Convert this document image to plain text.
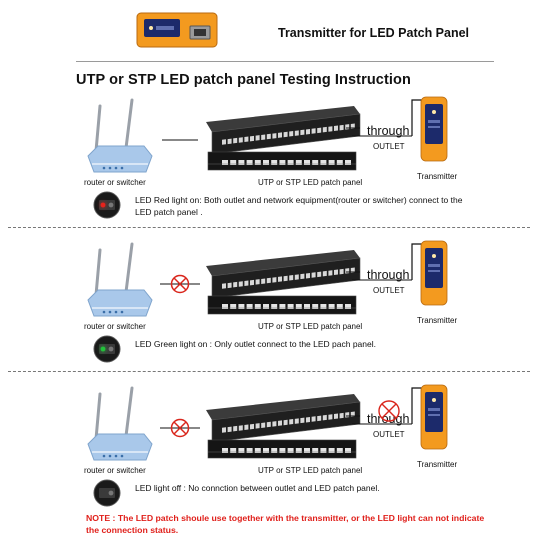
Transmitter for LED Patch Panel
UTP or STP LED patch panel Testing Instruction
router or switcher	UTP or STP LED patch panel
through
OUTLET
Transmitter
LED Red light on: Both outlet and network equipment(router or switcher) connect to the LED patch panel .
router or switcher	UTP or STP LED patch panel
through
OUTLET
Transmitter
LED Green light on : Only outlet connect to the LED pach panel.
router or switcher	UTP or STP LED patch panel
through
OUTLET
Transmitter
LED light off : No connction between outlet and LED patch panel.
NOTE : The LED patch shoule use together with the transmitter, or the LED light can not indicate the connection status.
